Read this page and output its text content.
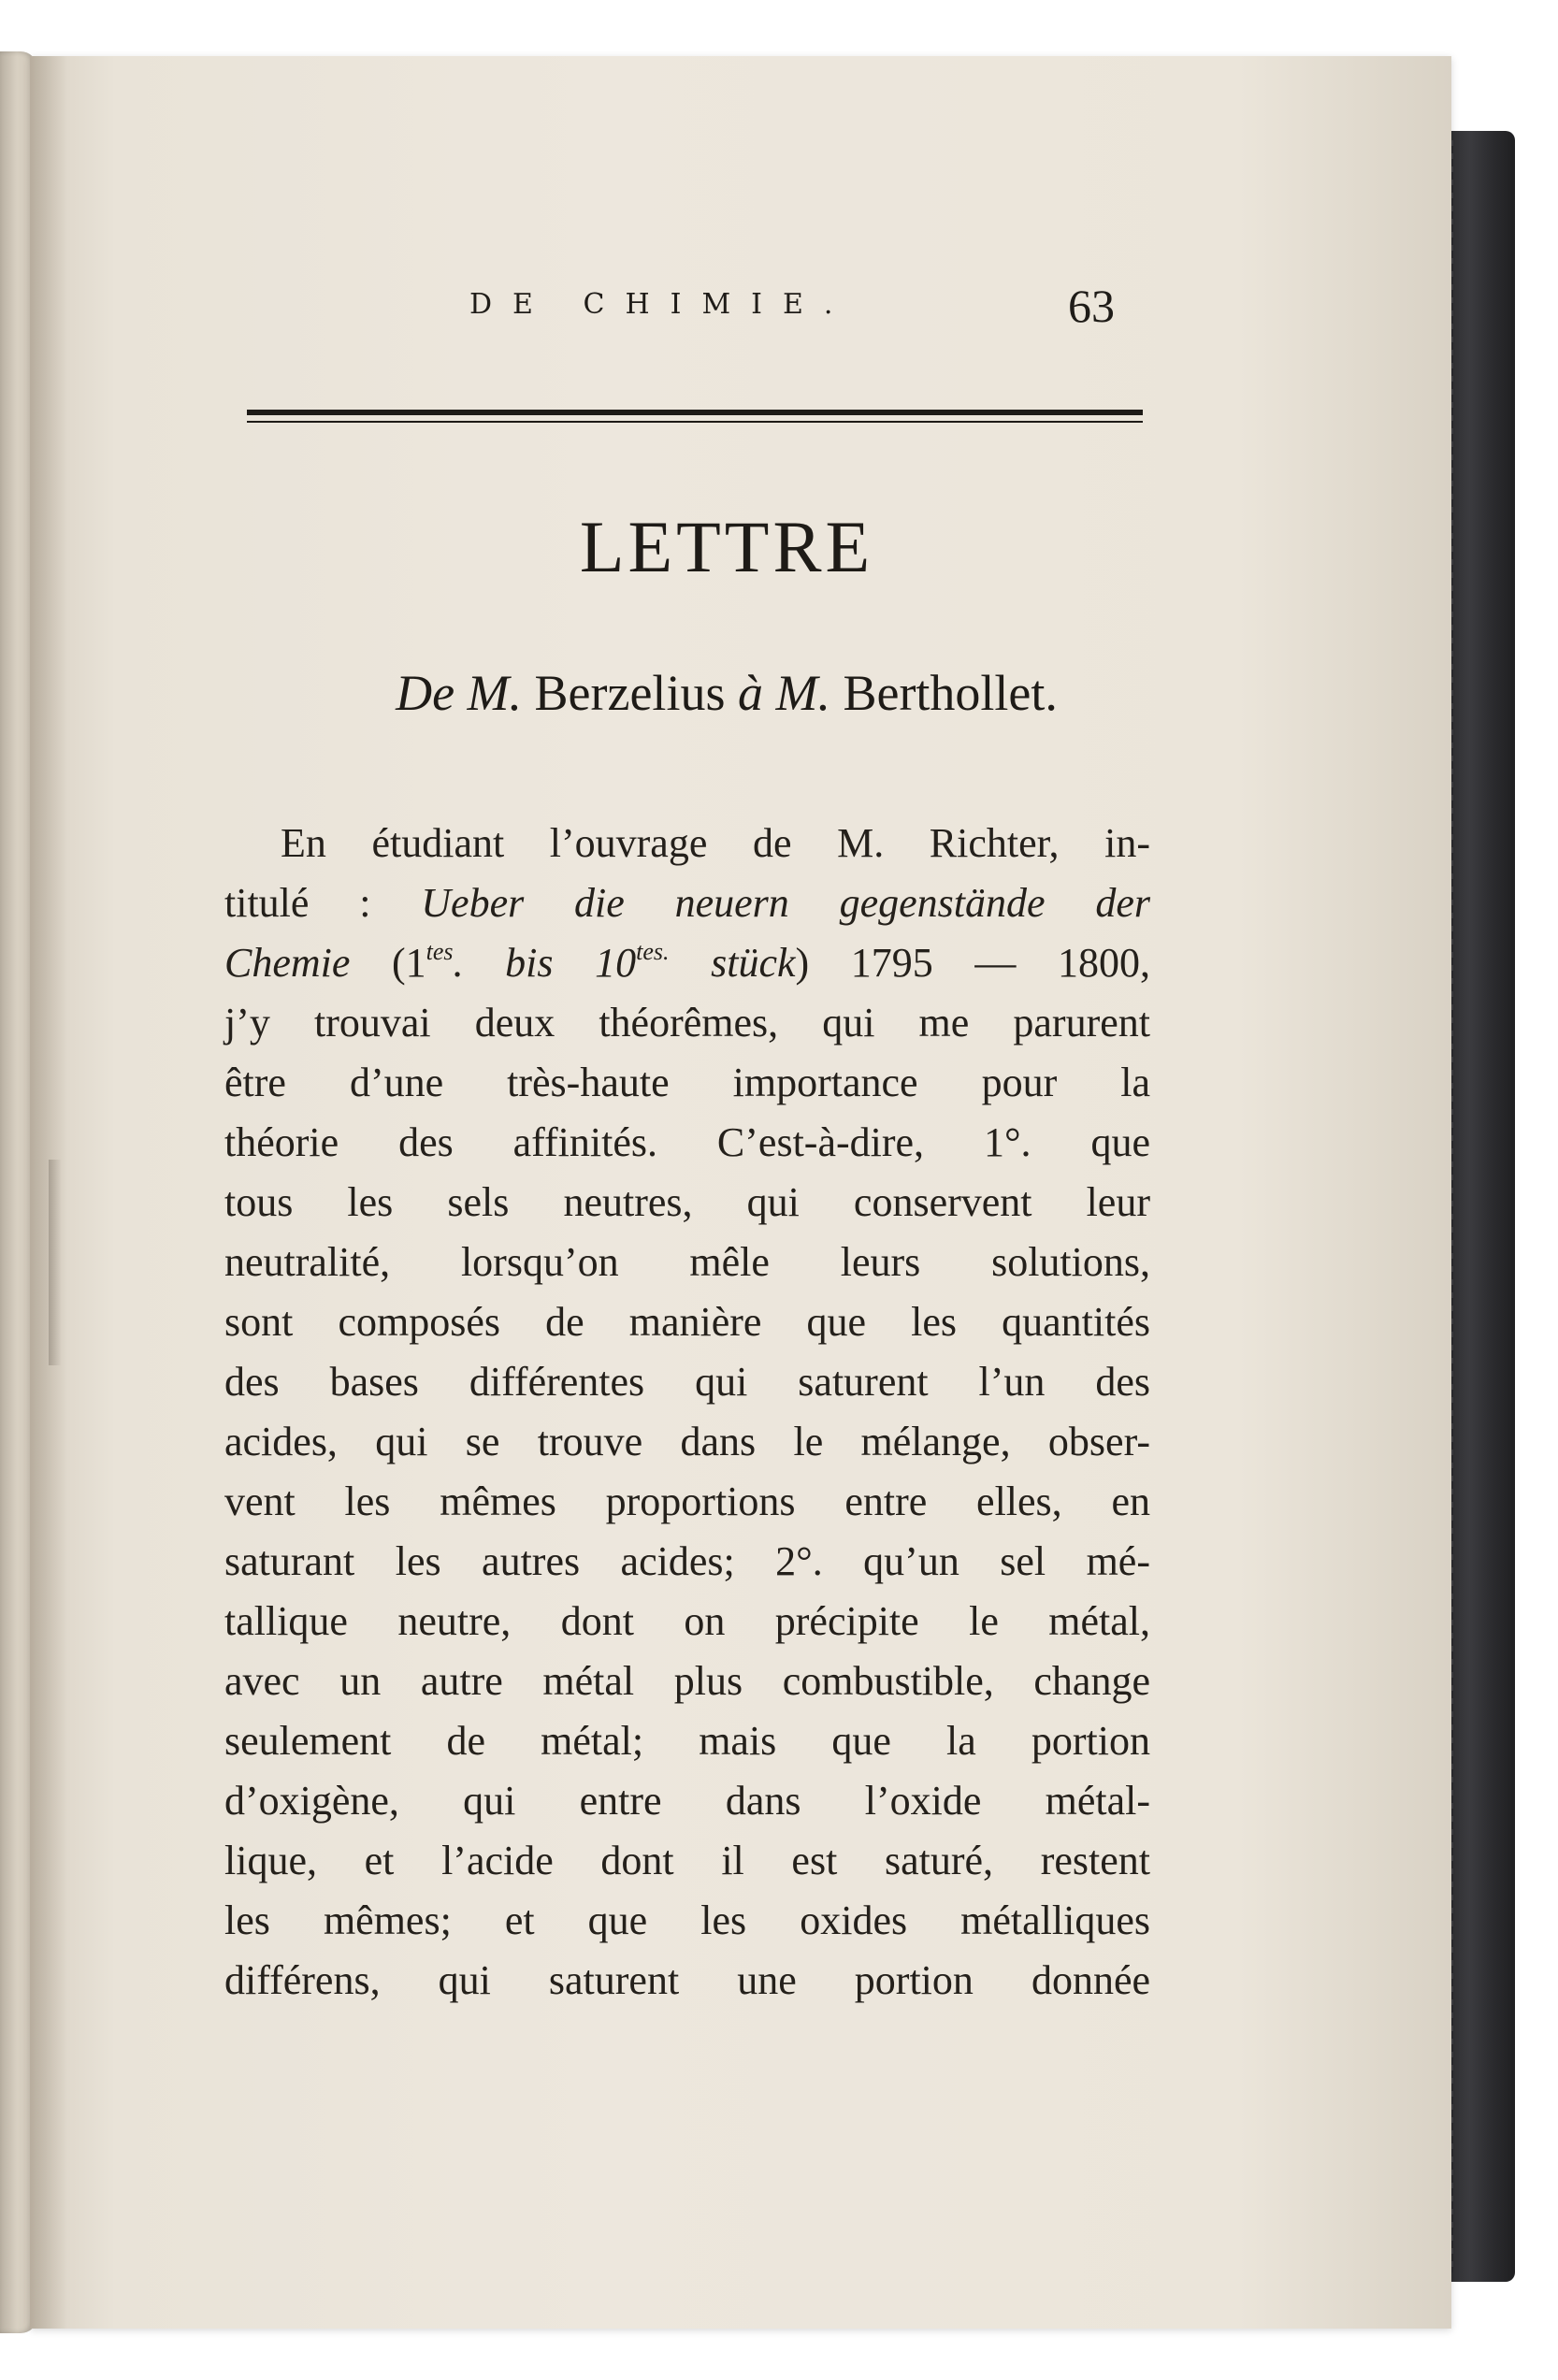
DE CHIMIE.	63
LETTRE
De M. Berzelius à M. Berthollet.
En étudiant l’ouvrage de M. Richter, in-
titulé : Ueber die neuern gegenstände der
Chemie ($1^{tes}$. bis $10^{tes.}$ stück) 1795 — 1800,
j’y trouvai deux théorêmes, qui me parurent
être d’une très-haute importance pour la
théorie des affinités. C’est-à-dire, 1°. que
tous les sels neutres, qui conservent leur
neutralité, lorsqu’on mêle leurs solutions,
sont composés de manière que les quantités
des bases différentes qui saturent l’un des
acides, qui se trouve dans le mélange, obser-
vent les mêmes proportions entre elles, en
saturant les autres acides; 2°. qu’un sel mé-
tallique neutre, dont on précipite le métal,
avec un autre métal plus combustible, change
seulement de métal; mais que la portion
d’oxigène, qui entre dans l’oxide métal-
lique, et l’acide dont il est saturé, restent
les mêmes; et que les oxides métalliques
différens, qui saturent une portion donnée
